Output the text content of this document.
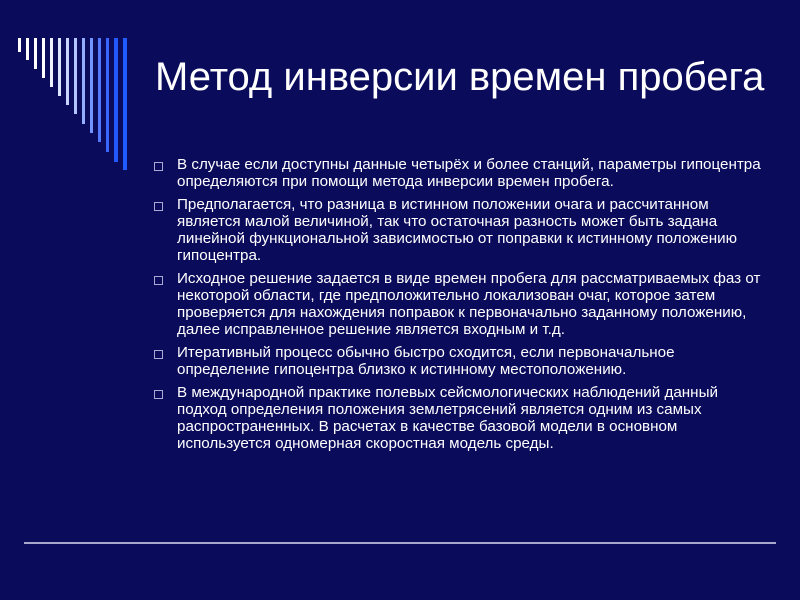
Метод инверсии времен пробега
В случае если доступны данные четырёх и более станций, параметры гипоцентра определяются при помощи метода инверсии времен пробега.
Предполагается, что разница в истинном положении очага и рассчитанном является малой величиной, так что остаточная разность может быть задана линейной функциональной зависимостью от поправки к истинному положению гипоцентра.
Исходное решение задается в виде времен пробега для рассматриваемых фаз от некоторой области, где предположительно локализован очаг, которое затем проверяется для нахождения поправок к первоначально заданному положению, далее исправленное решение является входным и т.д.
Итеративный процесс обычно быстро сходится, если первоначальное определение гипоцентра близко к истинному местоположению.
В международной практике полевых сейсмологических наблюдений данный подход определения положения землетрясений является одним из самых распространенных. В расчетах в качестве базовой модели в основном используется одномерная скоростная модель среды.
